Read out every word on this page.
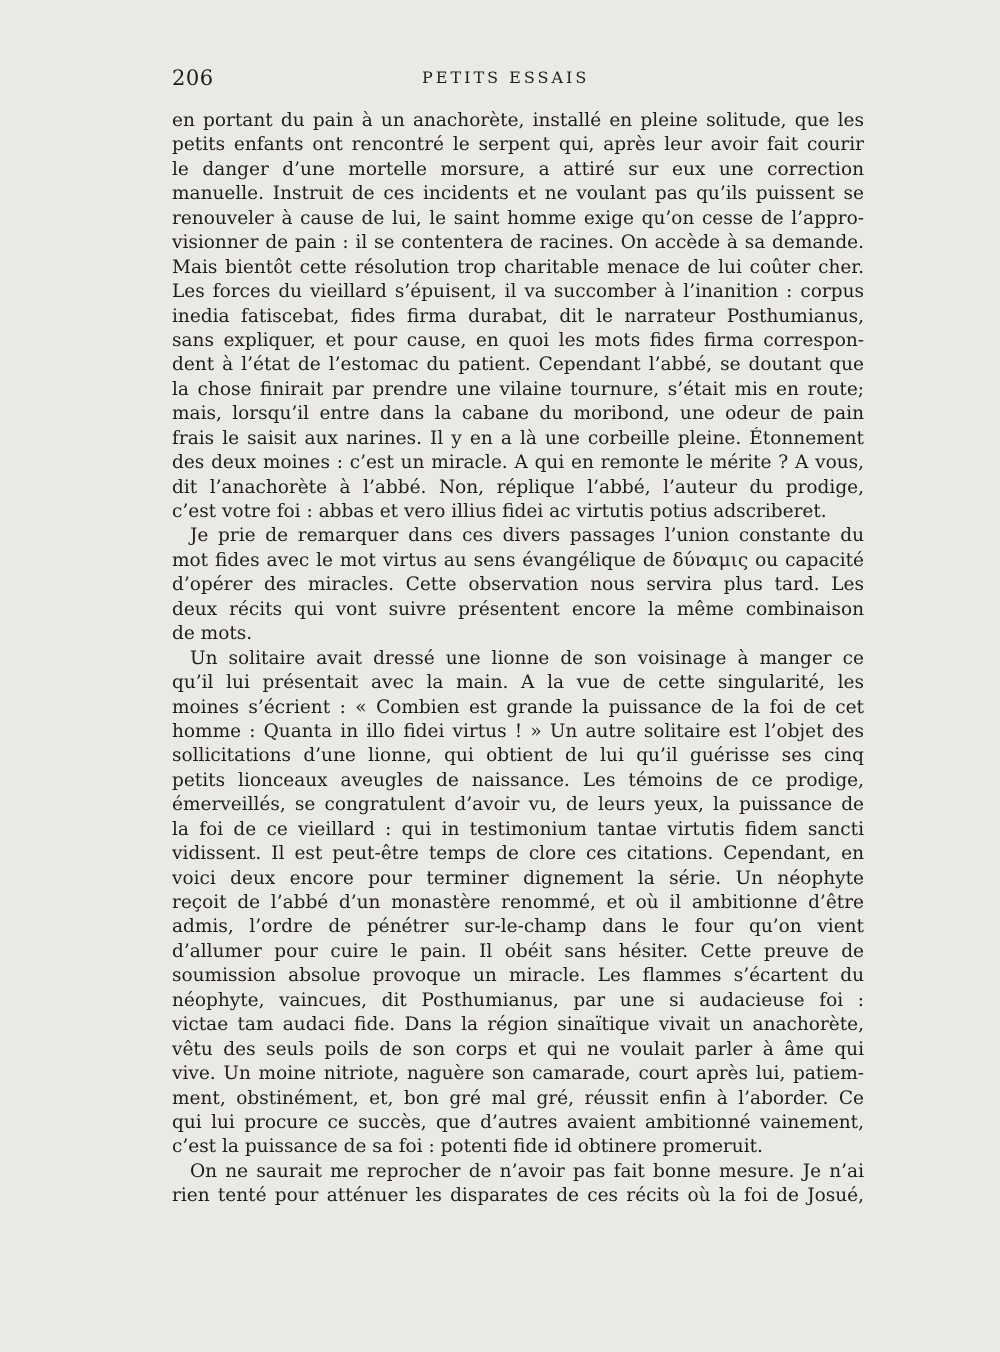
206	PETITS ESSAIS
en portant du pain à un anachorète, installé en pleine solitude, que les
petits enfants ont rencontré le serpent qui, après leur avoir fait courir
le danger d’une mortelle morsure, a attiré sur eux une correction
manuelle. Instruit de ces incidents et ne voulant pas qu’ils puissent se
renouveler à cause de lui, le saint homme exige qu’on cesse de l’appro-
visionner de pain : il se contentera de racines. On accède à sa demande.
Mais bientôt cette résolution trop charitable menace de lui coûter cher.
Les forces du vieillard s’épuisent, il va succomber à l’inanition : corpus
inedia fatiscebat, fides firma durabat, dit le narrateur Posthumianus,
sans expliquer, et pour cause, en quoi les mots fides firma correspon-
dent à l’état de l’estomac du patient. Cependant l’abbé, se doutant que
la chose finirait par prendre une vilaine tournure, s’était mis en route;
mais, lorsqu’il entre dans la cabane du moribond, une odeur de pain
frais le saisit aux narines. Il y en a là une corbeille pleine. Étonnement
des deux moines : c’est un miracle. A qui en remonte le mérite ? A vous,
dit l’anachorète à l’abbé. Non, réplique l’abbé, l’auteur du prodige,
c’est votre foi : abbas et vero illius fidei ac virtutis potius adscriberet.
Je prie de remarquer dans ces divers passages l’union constante du
mot fides avec le mot virtus au sens évangélique de δύναμις ou capacité
d’opérer des miracles. Cette observation nous servira plus tard. Les
deux récits qui vont suivre présentent encore la même combinaison
de mots.
Un solitaire avait dressé une lionne de son voisinage à manger ce
qu’il lui présentait avec la main. A la vue de cette singularité, les
moines s’écrient : « Combien est grande la puissance de la foi de cet
homme : Quanta in illo fidei virtus ! » Un autre solitaire est l’objet des
sollicitations d’une lionne, qui obtient de lui qu’il guérisse ses cinq
petits lionceaux aveugles de naissance. Les témoins de ce prodige,
émerveillés, se congratulent d’avoir vu, de leurs yeux, la puissance de
la foi de ce vieillard : qui in testimonium tantae virtutis fidem sancti
vidissent. Il est peut-être temps de clore ces citations. Cependant, en
voici deux encore pour terminer dignement la série. Un néophyte
reçoit de l’abbé d’un monastère renommé, et où il ambitionne d’être
admis, l’ordre de pénétrer sur-le-champ dans le four qu’on vient
d’allumer pour cuire le pain. Il obéit sans hésiter. Cette preuve de
soumission absolue provoque un miracle. Les flammes s’écartent du
néophyte, vaincues, dit Posthumianus, par une si audacieuse foi :
victae tam audaci fide. Dans la région sinaïtique vivait un anachorète,
vêtu des seuls poils de son corps et qui ne voulait parler à âme qui
vive. Un moine nitriote, naguère son camarade, court après lui, patiem-
ment, obstinément, et, bon gré mal gré, réussit enfin à l’aborder. Ce
qui lui procure ce succès, que d’autres avaient ambitionné vainement,
c’est la puissance de sa foi : potenti fide id obtinere promeruit.
On ne saurait me reprocher de n’avoir pas fait bonne mesure. Je n’ai
rien tenté pour atténuer les disparates de ces récits où la foi de Josué,
